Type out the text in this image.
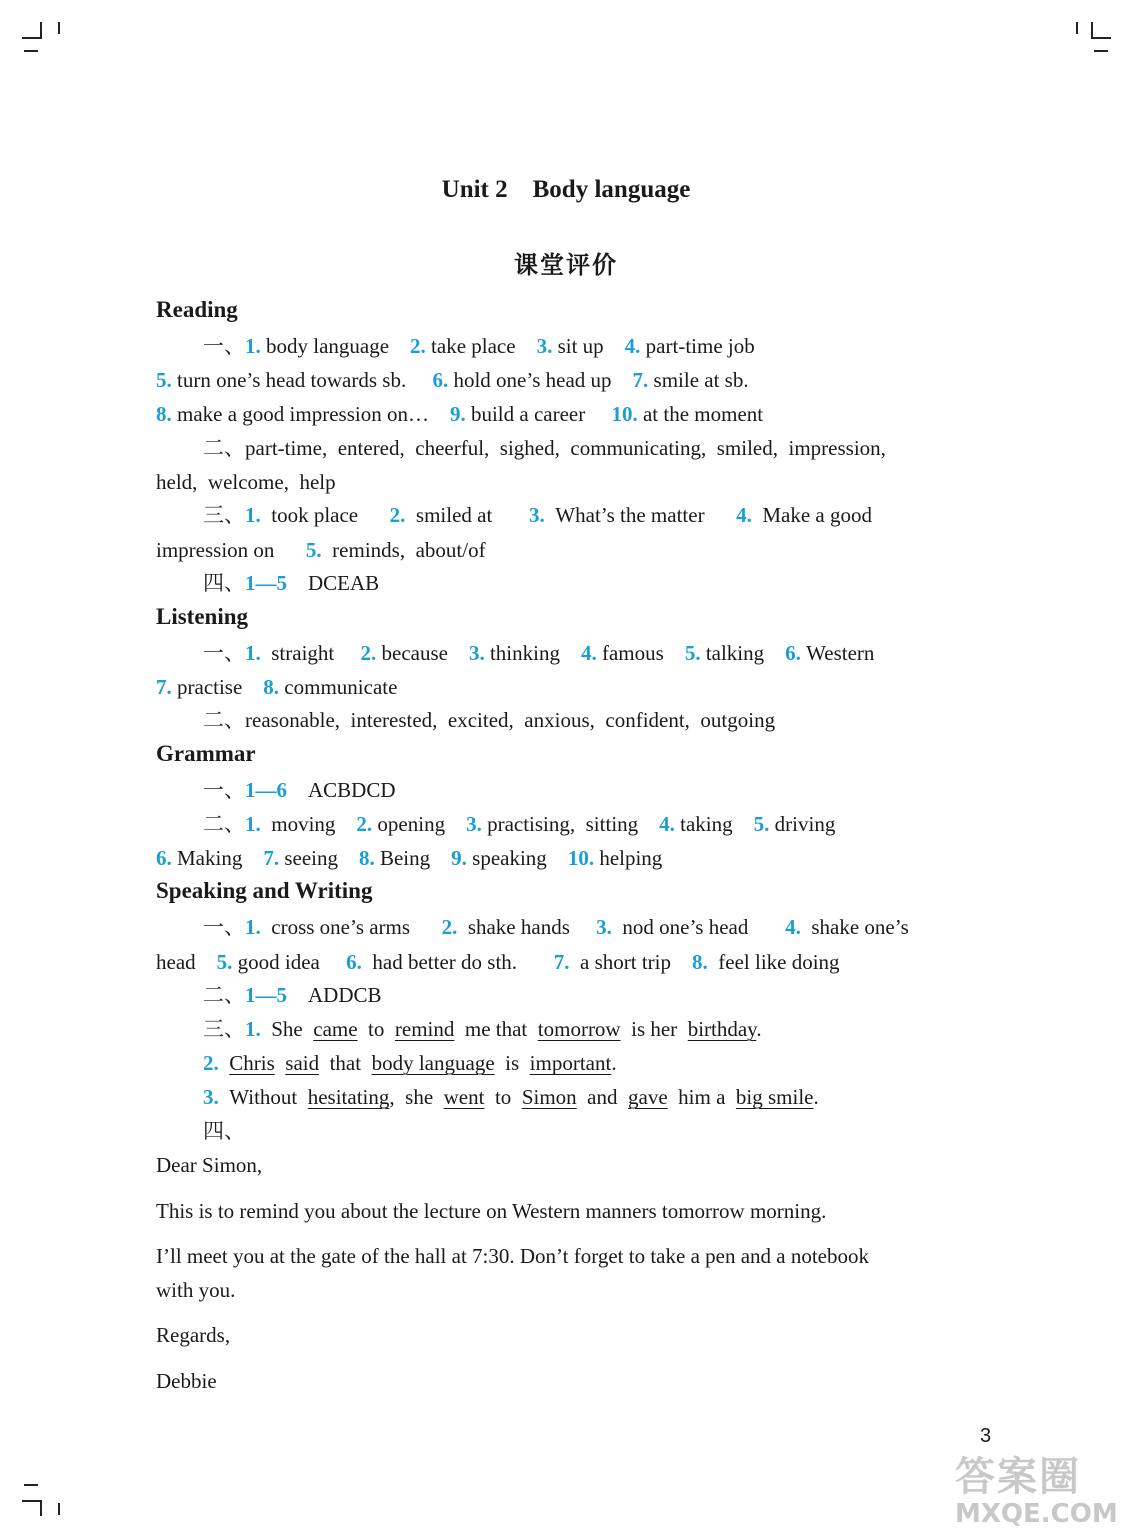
Unit 2    Body language
课堂评价
Reading
一、1. body language 2. take place 3. sit up 4. part-time job
5. turn one’s head towards sb. 6. hold one’s head up 7. smile at sb.
8. make a good impression on… 9. build a career 10. at the moment
二、part-time,  entered,  cheerful,  sighed,  communicating,  smiled,  impression,
held,  welcome,  help
三、1. took place 2. smiled at 3. What’s the matter 4. Make a good
impression on 5. reminds,  about/of
四、1—5 DCEAB
Listening
一、1. straight 2. because 3. thinking 4. famous 5. talking 6. Western
7. practise 8. communicate
二、reasonable,  interested,  excited,  anxious,  confident,  outgoing
Grammar
一、1—6 ACBDCD
二、1. moving 2. opening 3. practising,  sitting 4. taking 5. driving
6. Making 7. seeing 8. Being 9. speaking 10. helping
Speaking and Writing
一、1. cross one’s arms 2. shake hands 3. nod one’s head 4. shake one’s
head 5. good idea 6. had better do sth. 7. a short trip 8. feel like doing
二、1—5 ADDCB
三、1. She came to remind me that tomorrow is her birthday.
2. Chris said that body language is important.
3. Without hesitating,  she went to Simon and gave him a big smile.
四、
Dear Simon,
This is to remind you about the lecture on Western manners tomorrow morning.
I’ll meet you at the gate of the hall at 7:30. Don’t forget to take a pen and a notebook
with you.
Regards,
Debbie
3
答案圈
MXQE.COM
